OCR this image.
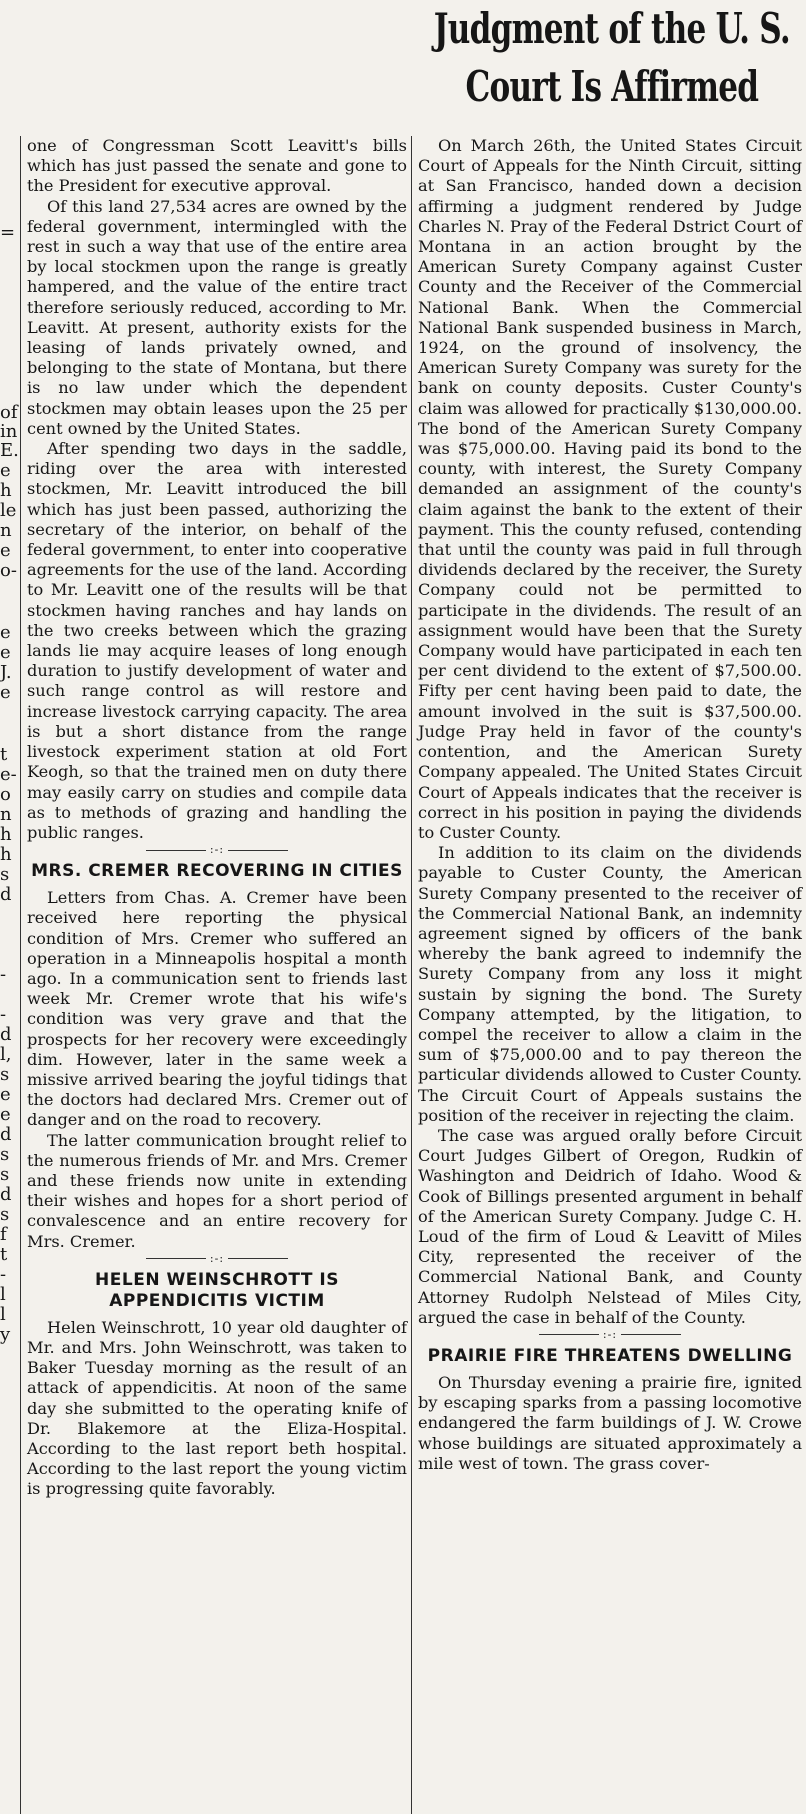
=
of
in
E.
e
h
le
n
e
o-
e
e
J.
e
t
e-
o
n
h
h
s
d
-
-
d
l,
s
e
e
d
s
s
d
s
f
t
-
l
l
y

one of Congressman Scott Leavitt's bills which has just passed the senate and gone to the President for executive approval.

Of this land 27,534 acres are owned by the federal government, intermingled with the rest in such a way that use of the entire area by local stockmen upon the range is greatly hampered, and the value of the entire tract therefore seriously reduced, according to Mr. Leavitt. At present, authority exists for the leasing of lands privately owned, and belonging to the state of Montana, but there is no law under which the dependent stockmen may obtain leases upon the 25 per cent owned by the United States.

After spending two days in the saddle, riding over the area with interested stockmen, Mr. Leavitt introduced the bill which has just been passed, authorizing the secretary of the interior, on behalf of the federal government, to enter into cooperative agreements for the use of the land. According to Mr. Leavitt one of the results will be that stockmen having ranches and hay lands on the two creeks between which the grazing lands lie may acquire leases of long enough duration to justify development of water and such range control as will restore and increase livestock carrying capacity. The area is but a short distance from the range livestock experiment station at old Fort Keogh, so that the trained men on duty there may easily carry on studies and compile data as to methods of grazing and handling the public ranges.

:-:
MRS. CREMER RECOVERING IN CITIES

Letters from Chas. A. Cremer have been received here reporting the physical condition of Mrs. Cremer who suffered an operation in a Minneapolis hospital a month ago. In a communication sent to friends last week Mr. Cremer wrote that his wife's condition was very grave and that the prospects for her recovery were exceedingly dim. However, later in the same week a missive arrived bearing the joyful tidings that the doctors had declared Mrs. Cremer out of danger and on the road to recovery.

The latter communication brought relief to the numerous friends of Mr. and Mrs. Cremer and these friends now unite in extending their wishes and hopes for a short period of convalescence and an entire recovery for Mrs. Cremer.

:-:
HELEN WEINSCHROTT IS APPENDICITIS VICTIM

Helen Weinschrott, 10 year old daughter of Mr. and Mrs. John Weinschrott, was taken to Baker Tuesday morning as the result of an attack of appendicitis. At noon of the same day she submitted to the operating knife of Dr. Blakemore at the Eliza-Hospital. According to the last report beth hospital. According to the last report the young victim is progressing quite favorably.

Judgment of the U. S.
Court Is Affirmed

On March 26th, the United States Circuit Court of Appeals for the Ninth Circuit, sitting at San Francisco, handed down a decision affirming a judgment rendered by Judge Charles N. Pray of the Federal Dstrict Court of Montana in an action brought by the American Surety Company against Custer County and the Receiver of the Commercial National Bank. When the Commercial National Bank suspended business in March, 1924, on the ground of insolvency, the American Surety Company was surety for the bank on county deposits. Custer County's claim was allowed for practically $130,000.00. The bond of the American Surety Company was $75,000.00. Having paid its bond to the county, with interest, the Surety Company demanded an assignment of the county's claim against the bank to the extent of their payment. This the county refused, contending that until the county was paid in full through dividends declared by the receiver, the Surety Company could not be permitted to participate in the dividends. The result of an assignment would have been that the Surety Company would have participated in each ten per cent dividend to the extent of $7,500.00. Fifty per cent having been paid to date, the amount involved in the suit is $37,500.00. Judge Pray held in favor of the county's contention, and the American Surety Company appealed. The United States Circuit Court of Appeals indicates that the receiver is correct in his position in paying the dividends to Custer County.

In addition to its claim on the dividends payable to Custer County, the American Surety Company presented to the receiver of the Commercial National Bank, an indemnity agreement signed by officers of the bank whereby the bank agreed to indemnify the Surety Company from any loss it might sustain by signing the bond. The Surety Company attempted, by the litigation, to compel the receiver to allow a claim in the sum of $75,000.00 and to pay thereon the particular dividends allowed to Custer County. The Circuit Court of Appeals sustains the position of the receiver in rejecting the claim.

The case was argued orally before Circuit Court Judges Gilbert of Oregon, Rudkin of Washington and Deidrich of Idaho. Wood & Cook of Billings presented argument in behalf of the American Surety Company. Judge C. H. Loud of the firm of Loud & Leavitt of Miles City, represented the receiver of the Commercial National Bank, and County Attorney Rudolph Nelstead of Miles City, argued the case in behalf of the County.

:-:
PRAIRIE FIRE THREATENS DWELLING

On Thursday evening a prairie fire, ignited by escaping sparks from a passing locomotive endangered the farm buildings of J. W. Crowe whose buildings are situated approximately a mile west of town. The grass cover-
